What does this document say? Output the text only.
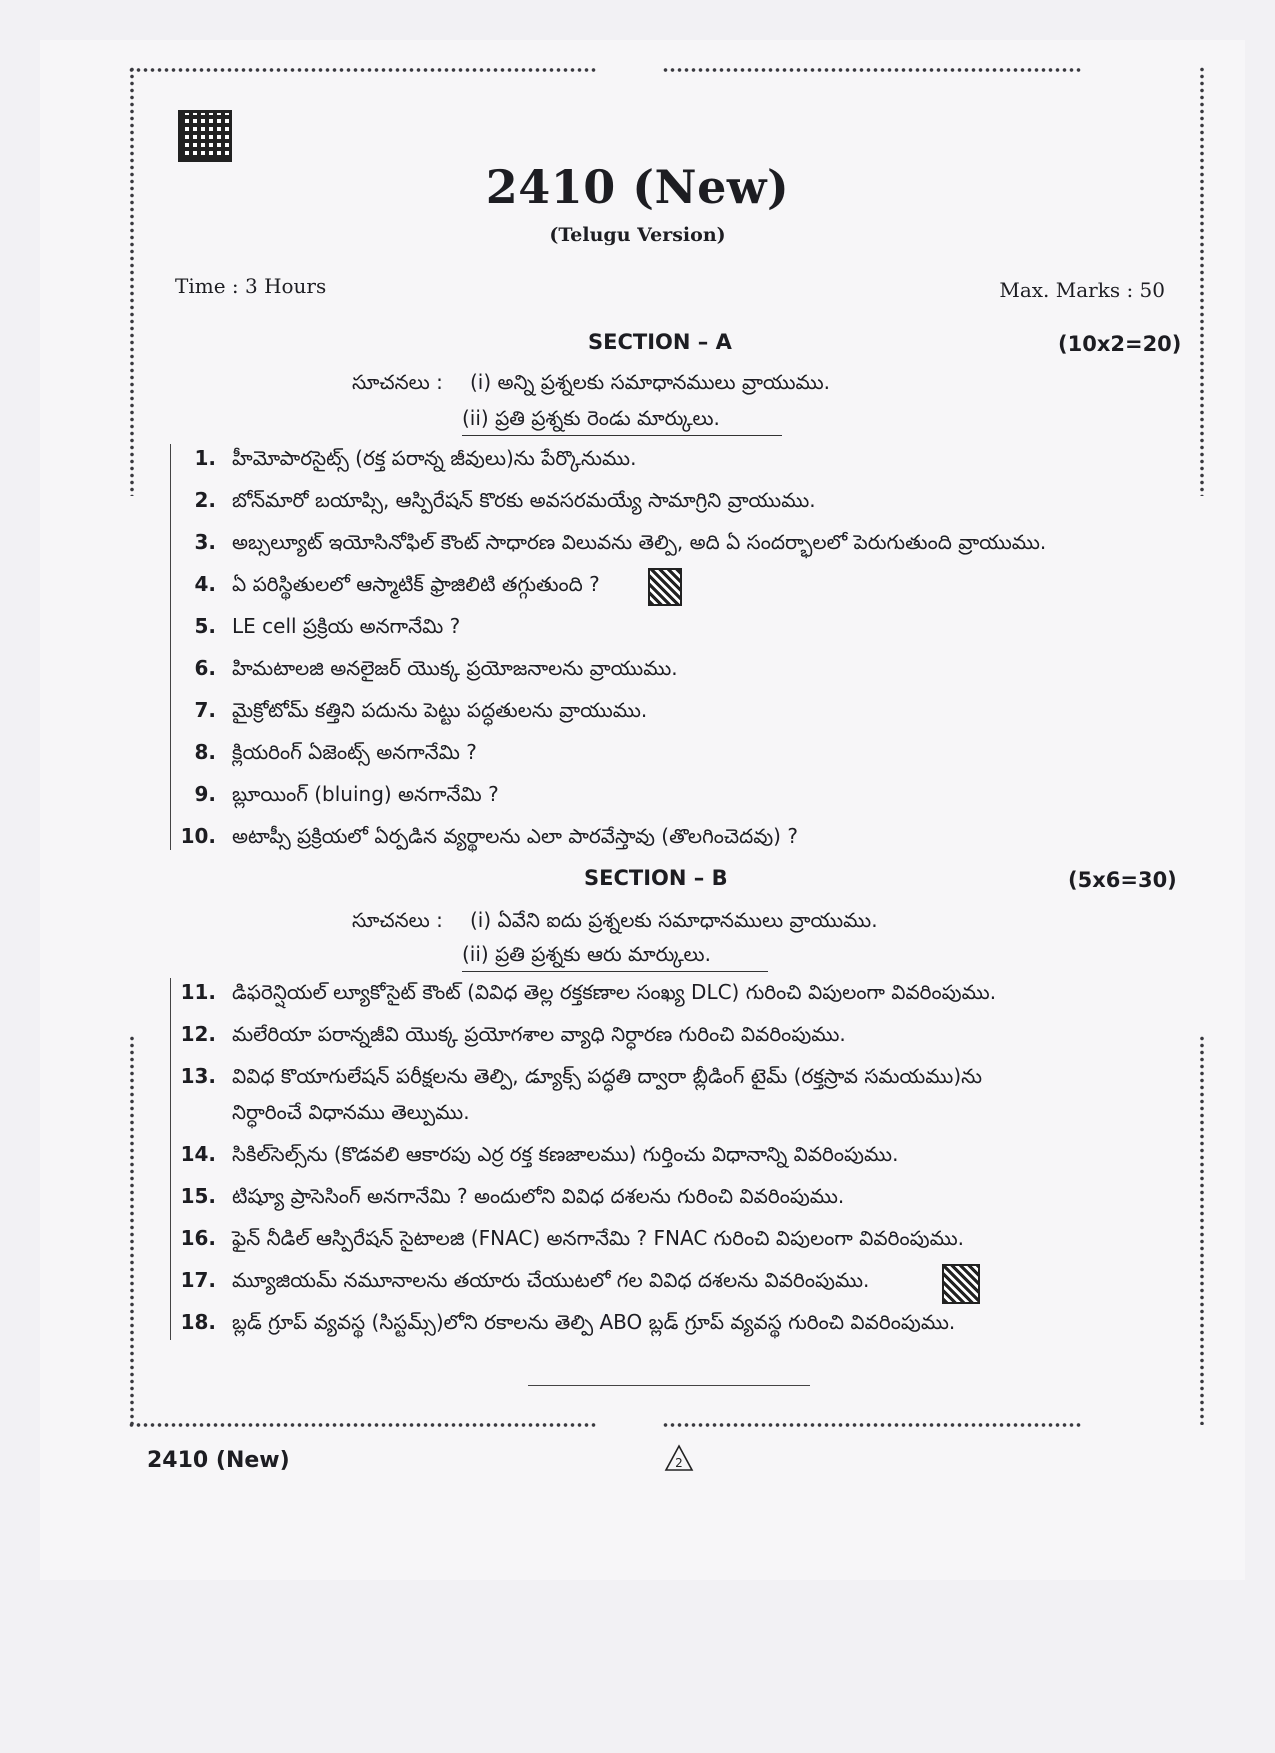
2410 (New)
(Telugu Version)
Time : 3 Hours	Max. Marks : 50
SECTION – A	(10x2=20)
సూచనలు : (i) అన్ని ప్రశ్నలకు సమాధానములు వ్రాయుము.
(ii) ప్రతి ప్రశ్నకు రెండు మార్కులు.
1. హీమోపారసైట్స్ (రక్త పరాన్న జీవులు)ను పేర్కొనుము.
2. బోన్‌మారో బయాప్సి, ఆస్పిరేషన్ కొరకు అవసరమయ్యే సామాగ్రిని వ్రాయుము.
3. అబ్సల్యూట్ ఇయోసినోఫిల్ కౌంట్ సాధారణ విలువను తెల్పి, అది ఏ సందర్భాలలో పెరుగుతుంది వ్రాయుము.
4. ఏ పరిస్థితులలో ఆస్మాటిక్ ఫ్రాజిలిటి తగ్గుతుంది ?
5. LE cell ప్రక్రియ అనగానేమి ?
6. హిమటాలజి అనలైజర్ యొక్క ప్రయోజనాలను వ్రాయుము.
7. మైక్రోటోమ్ కత్తిని పదును పెట్టు పద్ధతులను వ్రాయుము.
8. క్లియరింగ్ ఏజెంట్స్ అనగానేమి ?
9. బ్లూయింగ్ (bluing) అనగానేమి ?
10. అటాప్సీ ప్రక్రియలో ఏర్పడిన వ్యర్థాలను ఎలా పారవేస్తావు (తొలగించెదవు) ?
SECTION – B	(5x6=30)
సూచనలు : (i) ఏవేని ఐదు ప్రశ్నలకు సమాధానములు వ్రాయుము.
(ii) ప్రతి ప్రశ్నకు ఆరు మార్కులు.
11. డిఫరెన్షియల్ ల్యూకోసైట్ కౌంట్ (వివిధ తెల్ల రక్తకణాల సంఖ్య DLC) గురించి విపులంగా వివరింపుము.
12. మలేరియా పరాన్నజీవి యొక్క ప్రయోగశాల వ్యాధి నిర్ధారణ గురించి వివరింపుము.
13. వివిధ కొయాగులేషన్ పరీక్షలను తెల్పి, డ్యూక్స్ పద్ధతి ద్వారా బ్లీడింగ్ టైమ్ (రక్తస్రావ సమయము)ను
నిర్ధారించే విధానము తెల్పుము.
14. సికిల్‌సెల్స్‌ను (కొడవలి ఆకారపు ఎర్ర రక్త కణజాలము) గుర్తించు విధానాన్ని వివరింపుము.
15. టిష్యూ ప్రాసెసింగ్ అనగానేమి ? అందులోని వివిధ దశలను గురించి వివరింపుము.
16. ఫైన్ నీడిల్ ఆస్పిరేషన్ సైటాలజి (FNAC) అనగానేమి ? FNAC గురించి విపులంగా వివరింపుము.
17. మ్యూజియమ్ నమూనాలను తయారు చేయుటలో గల వివిధ దశలను వివరింపుము.
18. బ్లడ్ గ్రూప్ వ్యవస్థ (సిస్టమ్స్)లోని రకాలను తెల్పి ABO బ్లడ్ గ్రూప్ వ్యవస్థ గురించి వివరింపుము.
2410 (New)	2
